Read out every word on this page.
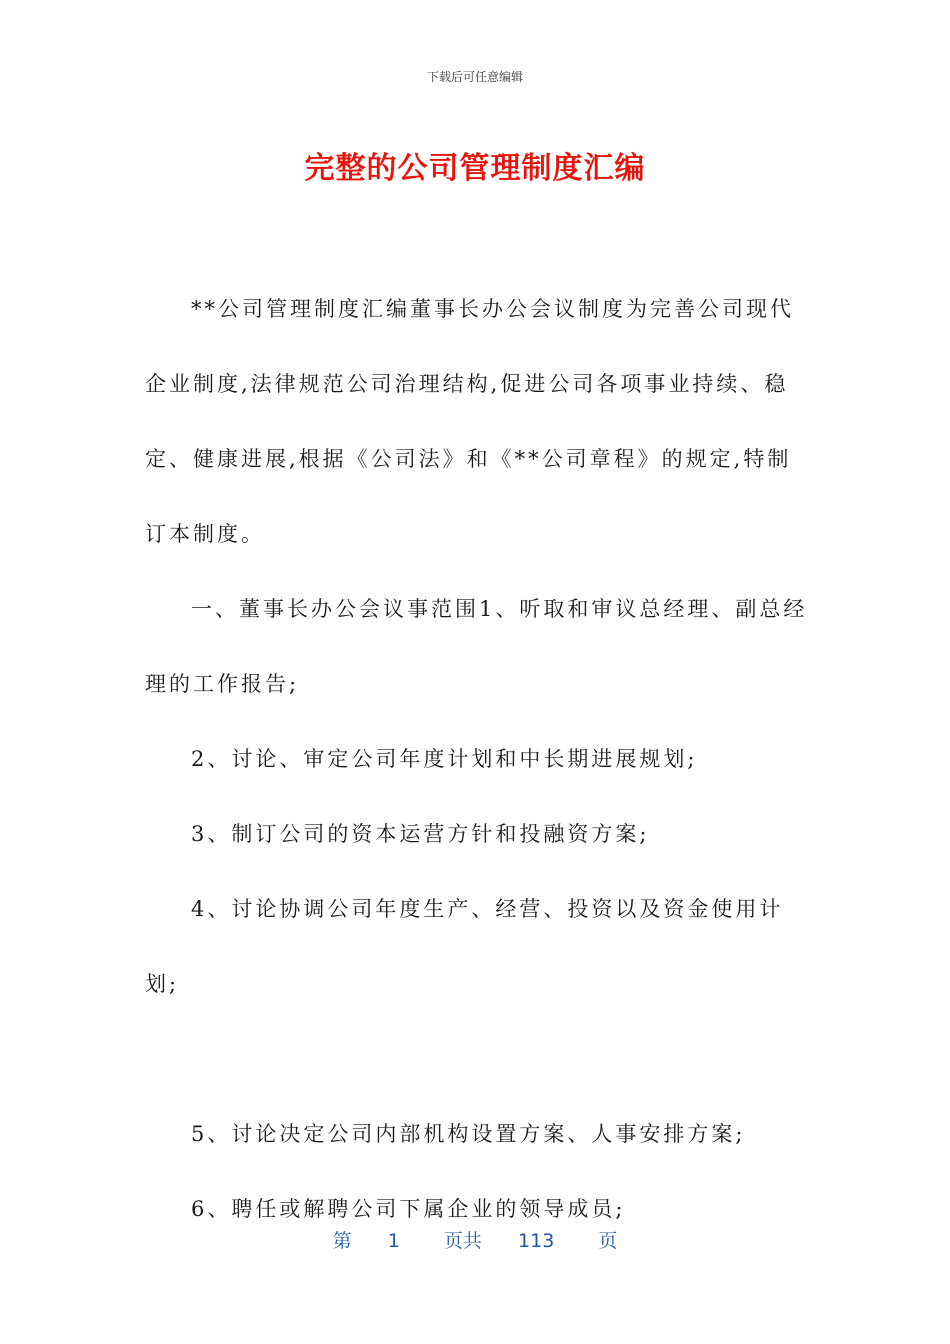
下载后可任意编辑
完整的公司管理制度汇编

**公司管理制度汇编董事长办公会议制度为完善公司现代企业制度,法律规范公司治理结构,促进公司各项事业持续、稳定、健康进展,根据《公司法》和《**公司章程》的规定,特制订本制度。

一、董事长办公会议事范围1、听取和审议总经理、副总经理的工作报告;

2、讨论、审定公司年度计划和中长期进展规划;

3、制订公司的资本运营方针和投融资方案;

4、讨论协调公司年度生产、经营、投资以及资金使用计划;

5、讨论决定公司内部机构设置方案、人事安排方案;

6、聘任或解聘公司下属企业的领导成员;

第 1 页共 113 页
